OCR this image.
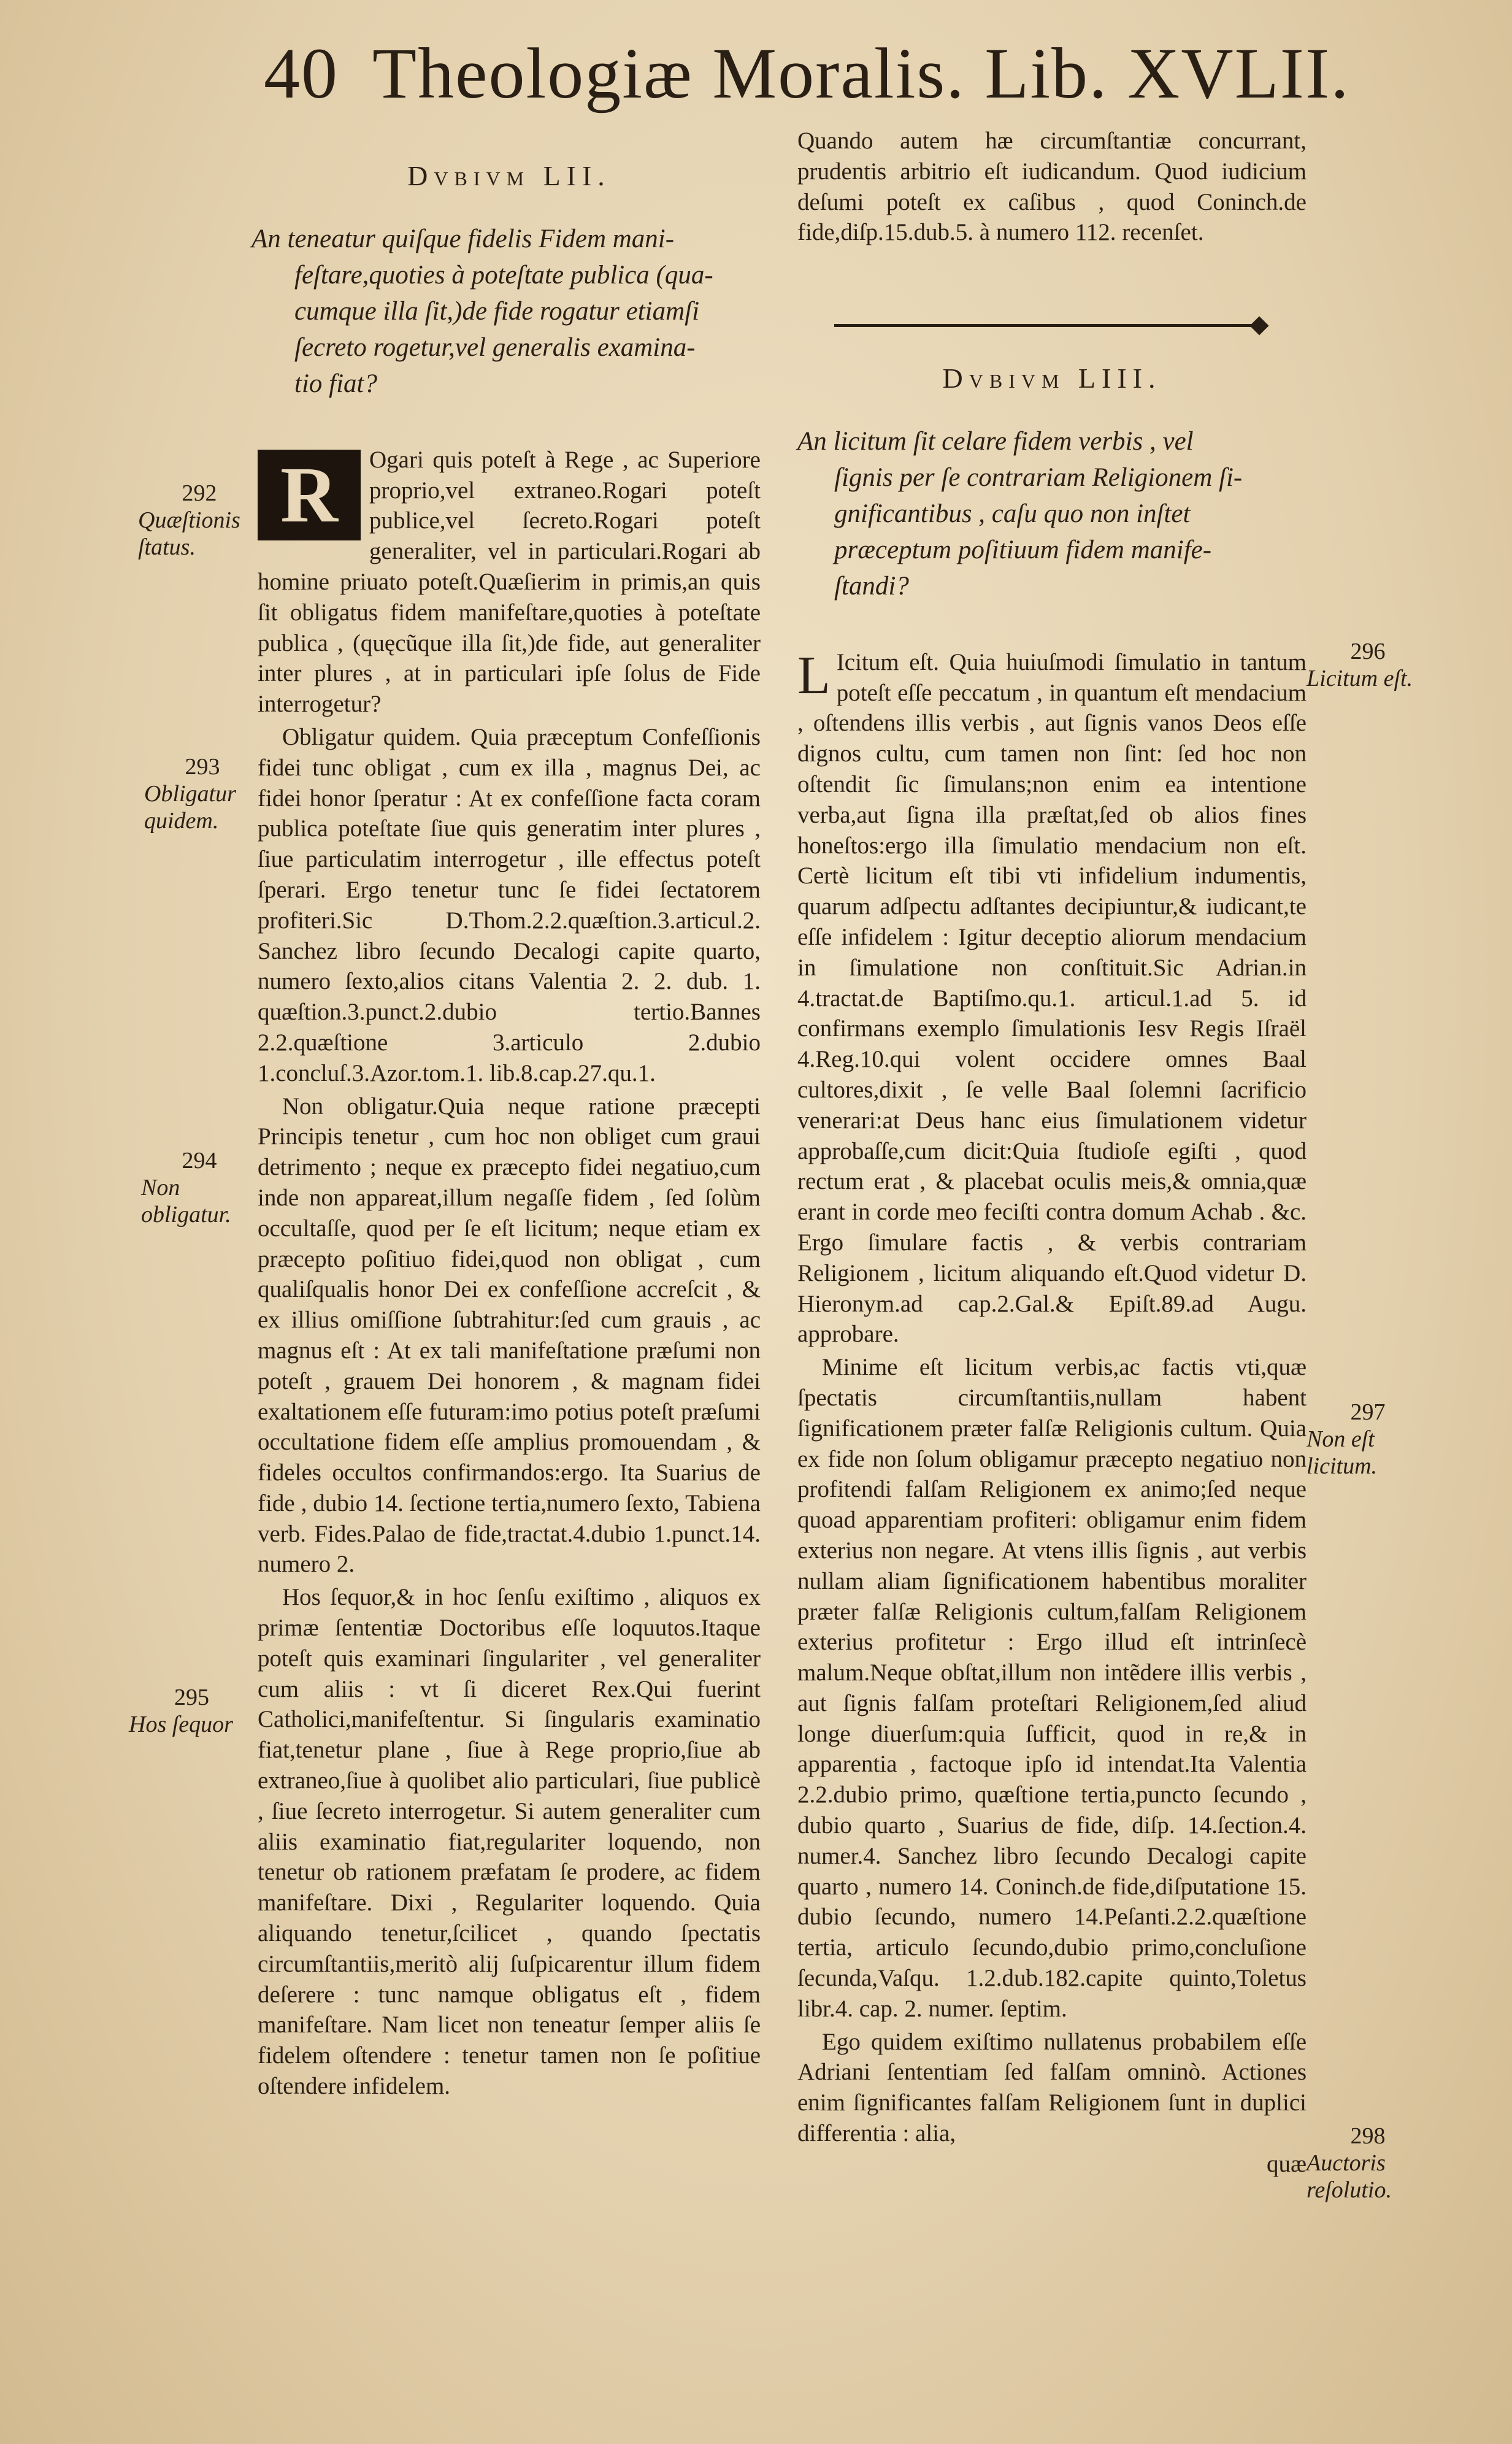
40 Theologiæ Moralis. Lib. XVLII.

Dvbivm LII.

An teneatur quiſque fidelis Fidem mani-
feſtare,quoties à poteſtate publica (qua-
cumque illa ſit,)de fide rogatur etiamſi
ſecreto rogetur,vel generalis examina-
tio fiat?

R	Ogari quis poteſt à Rege , ac Superiore proprio,vel extraneo.Rogari poteſt publice,vel ſecreto.Rogari poteſt generaliter, vel in particulari.Rogari ab homine priuato poteſt.Quæſierim in primis,an quis ſit obligatus fidem manifeſtare,quoties à poteſtate publica , (quęcũque illa ſit,)de fide, aut generaliter inter plures , at in particulari ipſe ſolus de Fide interrogetur?

Obligatur quidem. Quia præceptum Confeſſionis fidei tunc obligat , cum ex illa , magnus Dei, ac fidei honor ſperatur : At ex confeſſione facta coram publica poteſtate ſiue quis generatim inter plures , ſiue particulatim interrogetur , ille effectus poteſt ſperari. Ergo tenetur tunc ſe fidei ſectatorem profiteri.Sic D.Thom.2.2.quæſtion.3.articul.2. Sanchez libro ſecundo Decalogi capite quarto, numero ſexto,alios citans Valentia 2. 2. dub. 1. quæſtion.3.punct.2.dubio tertio.Bannes 2.2.quæſtione 3.articulo 2.dubio 1.concluſ.3.Azor.tom.1. lib.8.cap.27.qu.1.

Non obligatur.Quia neque ratione præcepti Principis tenetur , cum hoc non obliget cum graui detrimento ; neque ex præcepto fidei negatiuo,cum inde non appareat,illum negaſſe fidem , ſed ſolùm occultaſſe, quod per ſe eſt licitum; neque etiam ex præcepto poſitiuo fidei,quod non obligat , cum qualiſqualis honor Dei ex confeſſione accreſcit , & ex illius omiſſione ſubtrahitur:ſed cum grauis , ac magnus eſt : At ex tali manifeſtatione præſumi non poteſt , grauem Dei honorem , & magnam fidei exaltationem eſſe futuram:imo potius poteſt præſumi occultatione fidem eſſe amplius promouendam , & fideles occultos confirmandos:ergo. Ita Suarius de fide , dubio 14. ſectione tertia,numero ſexto, Tabiena verb. Fides.Palao de fide,tractat.4.dubio 1.punct.14. numero 2.

Hos ſequor,& in hoc ſenſu exiſtimo , aliquos ex primæ ſententiæ Doctoribus eſſe loquutos.Itaque poteſt quis examinari ſingulariter , vel generaliter cum aliis : vt ſi diceret Rex.Qui fuerint Catholici,manifeſtentur. Si ſingularis examinatio fiat,tenetur plane , ſiue à Rege proprio,ſiue ab extraneo,ſiue à quolibet alio particulari, ſiue publicè , ſiue ſecreto interrogetur. Si autem generaliter cum aliis examinatio fiat,regulariter loquendo, non tenetur ob rationem præfatam ſe prodere, ac fidem manifeſtare. Dixi , Regulariter loquendo. Quia aliquando tenetur,ſcilicet , quando ſpectatis circumſtantiis,meritò alij ſuſpicarentur illum fidem deſerere : tunc namque obligatus eſt , fidem manifeſtare. Nam licet non teneatur ſemper aliis ſe fidelem oſtendere : tenetur tamen non ſe poſitiue oſtendere infidelem.

Quando autem hæ circumſtantiæ concurrant, prudentis arbitrio eſt iudicandum. Quod iudicium deſumi poteſt ex caſibus , quod Coninch.de fide,diſp.15.dub.5. à numero 112. recenſet.

Dvbivm LIII.

An licitum ſit celare fidem verbis , vel
ſignis per ſe contrariam Religionem ſi-
gnificantibus , caſu quo non inſtet
præceptum poſitiuum fidem manife-
ſtandi?

L Icitum eſt. Quia huiuſmodi ſimulatio in tantum poteſt eſſe peccatum , in quantum eſt mendacium , oſtendens illis verbis , aut ſignis vanos Deos eſſe dignos cultu, cum tamen non ſint: ſed hoc non oſtendit ſic ſimulans;non enim ea intentione verba,aut ſigna illa præſtat,ſed ob alios fines honeſtos:ergo illa ſimulatio mendacium non eſt. Certè licitum eſt tibi vti infidelium indumentis, quarum adſpectu adſtantes decipiuntur,& iudicant,te eſſe infidelem : Igitur deceptio aliorum mendacium in ſimulatione non conſtituit.Sic Adrian.in 4.tractat.de Baptiſmo.qu.1. articul.1.ad 5. id confirmans exemplo ſimulationis Iesv Regis Iſraël 4.Reg.10.qui volent occidere omnes Baal cultores,dixit , ſe velle Baal ſolemni ſacrificio venerari:at Deus hanc eius ſimulationem videtur approbaſſe,cum dicit:Quia ſtudioſe egiſti , quod rectum erat , & placebat oculis meis,& omnia,quæ erant in corde meo feciſti contra domum Achab . &c. Ergo ſimulare factis , & verbis contrariam Religionem , licitum aliquando eſt.Quod videtur D. Hieronym.ad cap.2.Gal.& Epiſt.89.ad Augu. approbare.

Minime eſt licitum verbis,ac factis vti,quæ ſpectatis circumſtantiis,nullam habent ſignificationem præter falſæ Religionis cultum. Quia ex fide non ſolum obligamur præcepto negatiuo non profitendi falſam Religionem ex animo;ſed neque quoad apparentiam profiteri: obligamur enim fidem exterius non negare. At vtens illis ſignis , aut verbis nullam aliam ſignificationem habentibus moraliter præter falſæ Religionis cultum,falſam Religionem exterius profitetur : Ergo illud eſt intrinſecè malum.Neque obſtat,illum non intẽdere illis verbis , aut ſignis falſam proteſtari Religionem,ſed aliud longe diuerſum:quia ſufficit, quod in re,& in apparentia , factoque ipſo id intendat.Ita Valentia 2.2.dubio primo, quæſtione tertia,puncto ſecundo , dubio quarto , Suarius de fide, diſp. 14.ſection.4. numer.4. Sanchez libro ſecundo Decalogi capite quarto , numero 14. Coninch.de fide,diſputatione 15. dubio ſecundo, numero 14.Peſanti.2.2.quæſtione tertia, articulo ſecundo,dubio primo,concluſione ſecunda,Vaſqu. 1.2.dub.182.capite quinto,Toletus libr.4. cap. 2. numer. ſeptim.

Ego quidem exiſtimo nullatenus probabilem eſſe Adriani ſententiam ſed falſam omninò. Actiones enim ſignificantes falſam Religionem ſunt in duplici differentia : alia,

quæ

292
Quæſtionis ſtatus.
293
Obligatur quidem.
294
Non obligatur.
295
Hos ſequor
296
Licitum eſt.
297
Non eſt licitum.
298
Auctoris reſolutio.
